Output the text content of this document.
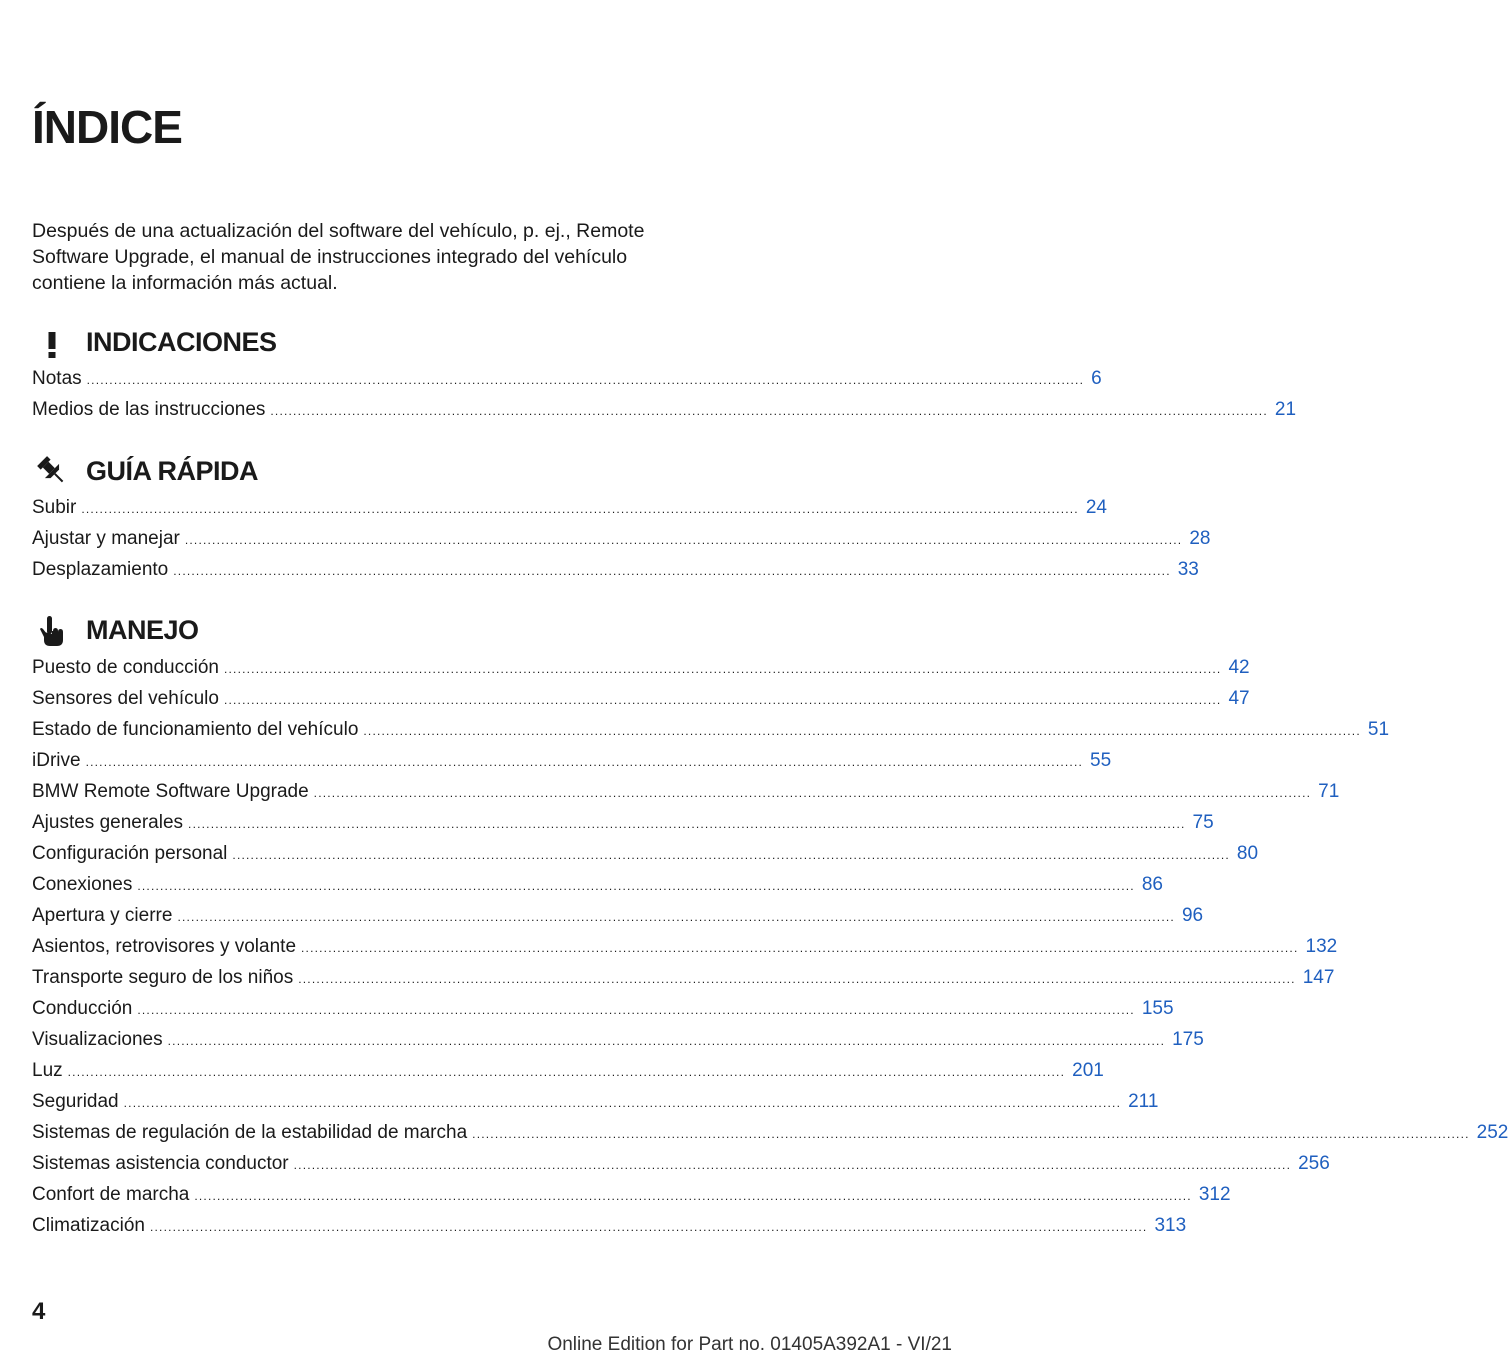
ÍNDICE

Después de una actualización del software del vehículo, p. ej., Remote Software Upgrade, el manual de instrucciones integrado del vehículo contiene la información más actual.

INDICACIONES
Notas ............................................................................................................................................................................................................................ 6
Medios de las instrucciones ............................................................................................................................................................................................................................ 21
GUÍA RÁPIDA
Subir ............................................................................................................................................................................................................................ 24
Ajustar y manejar ............................................................................................................................................................................................................................ 28
Desplazamiento ............................................................................................................................................................................................................................ 33
MANEJO
Puesto de conducción ............................................................................................................................................................................................................................ 42
Sensores del vehículo ............................................................................................................................................................................................................................ 47
Estado de funcionamiento del vehículo ............................................................................................................................................................................................................................ 51
iDrive ............................................................................................................................................................................................................................ 55
BMW Remote Software Upgrade ............................................................................................................................................................................................................................ 71
Ajustes generales ............................................................................................................................................................................................................................ 75
Configuración personal ............................................................................................................................................................................................................................ 80
Conexiones ............................................................................................................................................................................................................................ 86
Apertura y cierre ............................................................................................................................................................................................................................ 96
Asientos, retrovisores y volante ............................................................................................................................................................................................................................ 132
Transporte seguro de los niños ............................................................................................................................................................................................................................ 147
Conducción ............................................................................................................................................................................................................................ 155
Visualizaciones ............................................................................................................................................................................................................................ 175
Luz ............................................................................................................................................................................................................................ 201
Seguridad ............................................................................................................................................................................................................................ 211
Sistemas de regulación de la estabilidad de marcha ............................................................................................................................................................................................................................ 252
Sistemas asistencia conductor ............................................................................................................................................................................................................................ 256
Confort de marcha ............................................................................................................................................................................................................................ 312
Climatización ............................................................................................................................................................................................................................ 313
4
Online Edition for Part no. 01405A392A1 - VI/21
